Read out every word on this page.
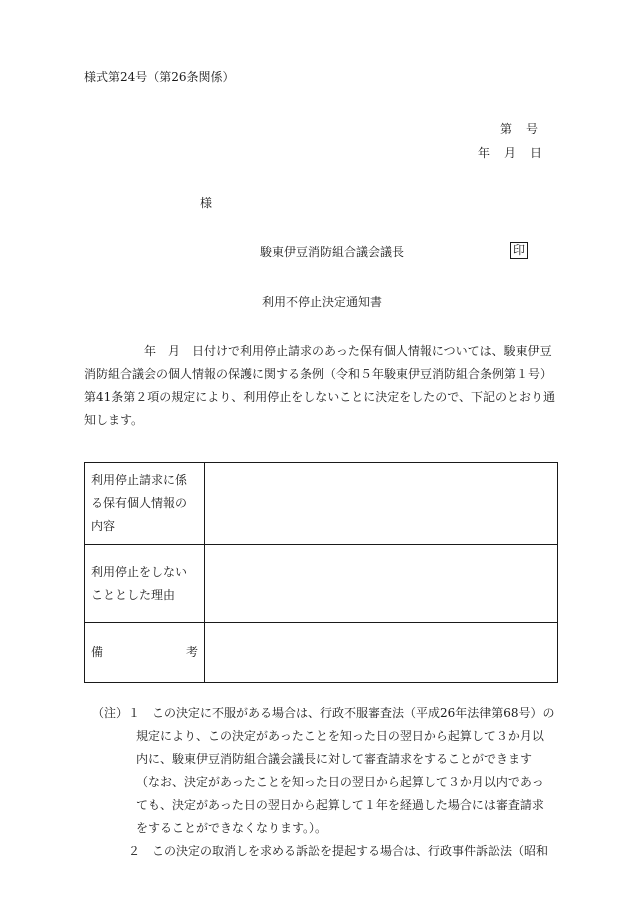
様式第24号（第26条関係）
第　号
年　月　日
様
駿東伊豆消防組合議会議長	印
利用不停止決定通知書
　　　　　年　月　日付けで利用停止請求のあった保有個人情報については、駿東伊豆
消防組合議会の個人情報の保護に関する条例（令和５年駿東伊豆消防組合条例第１号）
第41条第２項の規定により、利用停止をしないことに決定をしたので、下記のとおり通
知します。
利用停止請求に係
る保有個人情報の
内容	

利用停止をしない
こととした理由	

備 考	

（注） １ この決定に不服がある場合は、行政不服審査法（平成26年法律第68号）の
規定により、この決定があったことを知った日の翌日から起算して３か月以
内に、駿東伊豆消防組合議会議長に対して審査請求をすることができます
（なお、決定があったことを知った日の翌日から起算して３か月以内であっ
ても、決定があった日の翌日から起算して１年を経過した場合には審査請求
をすることができなくなります。）。
２ この決定の取消しを求める訴訟を提起する場合は、行政事件訴訟法（昭和
